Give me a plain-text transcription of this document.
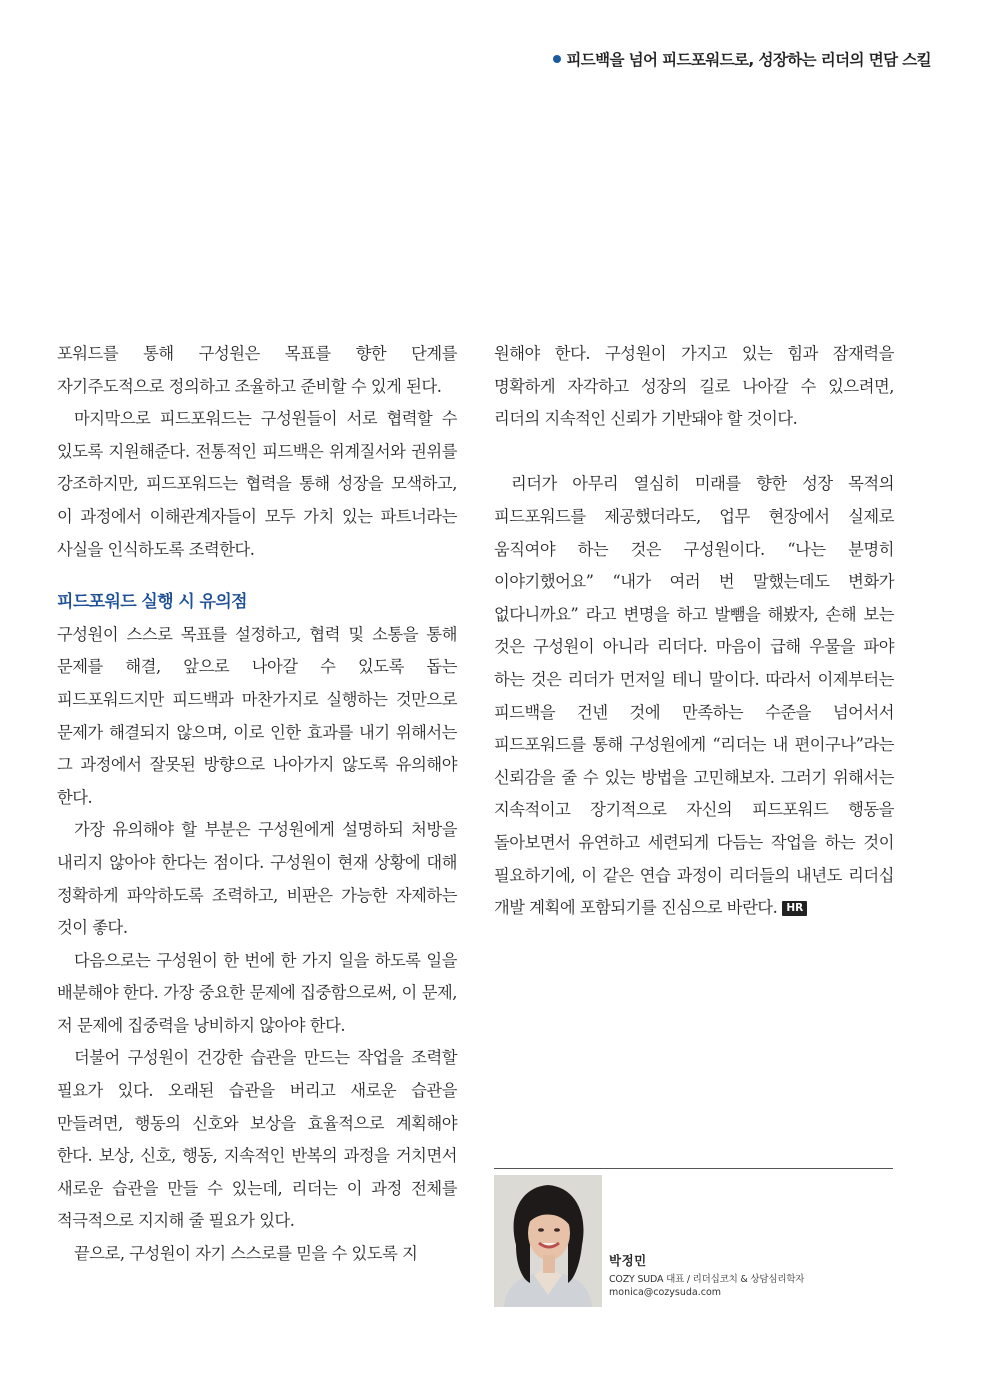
피드백을 넘어 피드포워드로, 성장하는 리더의 면담 스킬

포워드를 통해 구성원은 목표를 향한 단계를 자기주도적으로 정의하고 조율하고 준비할 수 있게 된다.

마지막으로 피드포워드는 구성원들이 서로 협력할 수 있도록 지원해준다. 전통적인 피드백은 위계질서와 권위를 강조하지만, 피드포워드는 협력을 통해 성장을 모색하고, 이 과정에서 이해관계자들이 모두 가치 있는 파트너라는 사실을 인식하도록 조력한다.

피드포워드 실행 시 유의점

구성원이 스스로 목표를 설정하고, 협력 및 소통을 통해 문제를 해결, 앞으로 나아갈 수 있도록 돕는 피드포워드지만 피드백과 마찬가지로 실행하는 것만으로 문제가 해결되지 않으며, 이로 인한 효과를 내기 위해서는 그 과정에서 잘못된 방향으로 나아가지 않도록 유의해야 한다.

가장 유의해야 할 부분은 구성원에게 설명하되 처방을 내리지 않아야 한다는 점이다. 구성원이 현재 상황에 대해 정확하게 파악하도록 조력하고, 비판은 가능한 자제하는 것이 좋다.

다음으로는 구성원이 한 번에 한 가지 일을 하도록 일을 배분해야 한다. 가장 중요한 문제에 집중함으로써, 이 문제, 저 문제에 집중력을 낭비하지 않아야 한다.

더불어 구성원이 건강한 습관을 만드는 작업을 조력할 필요가 있다. 오래된 습관을 버리고 새로운 습관을 만들려면, 행동의 신호와 보상을 효율적으로 계획해야 한다. 보상, 신호, 행동, 지속적인 반복의 과정을 거치면서 새로운 습관을 만들 수 있는데, 리더는 이 과정 전체를 적극적으로 지지해 줄 필요가 있다.

끝으로, 구성원이 자기 스스로를 믿을 수 있도록 지

원해야 한다. 구성원이 가지고 있는 힘과 잠재력을 명확하게 자각하고 성장의 길로 나아갈 수 있으려면, 리더의 지속적인 신뢰가 기반돼야 할 것이다.

리더가 아무리 열심히 미래를 향한 성장 목적의 피드포워드를 제공했더라도, 업무 현장에서 실제로 움직여야 하는 것은 구성원이다. “나는 분명히 이야기했어요” “내가 여러 번 말했는데도 변화가 없다니까요” 라고 변명을 하고 발뺌을 해봤자, 손해 보는 것은 구성원이 아니라 리더다. 마음이 급해 우물을 파야 하는 것은 리더가 먼저일 테니 말이다. 따라서 이제부터는 피드백을 건넨 것에 만족하는 수준을 넘어서서 피드포워드를 통해 구성원에게 “리더는 내 편이구나”라는 신뢰감을 줄 수 있는 방법을 고민해보자. 그러기 위해서는 지속적이고 장기적으로 자신의 피드포워드 행동을 돌아보면서 유연하고 세련되게 다듬는 작업을 하는 것이 필요하기에, 이 같은 연습 과정이 리더들의 내년도 리더십 개발 계획에 포함되기를 진심으로 바란다. HR

박정민
COZY SUDA 대표 / 리더십코치 & 상담심리학자
monica@cozysuda.com
